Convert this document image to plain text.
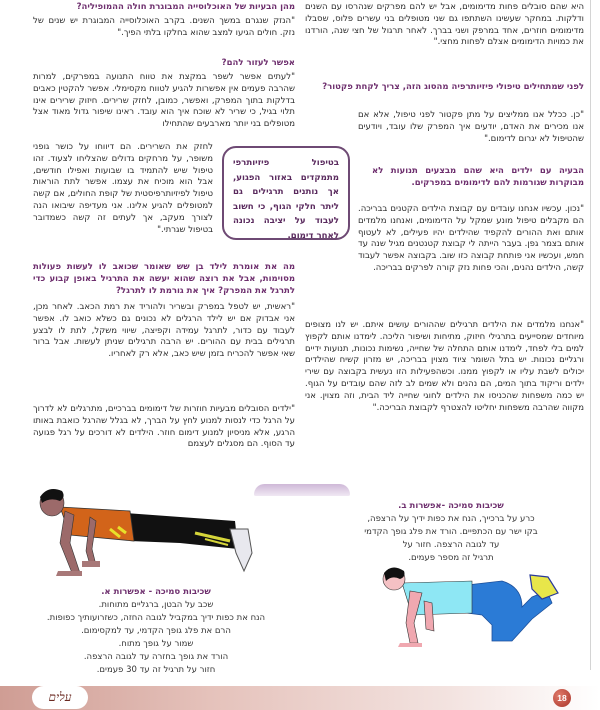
היא שהם סובלים פחות מדימומים, אבל יש להם מפרקים שנהרסו עם השנים ודלקות. במחקר שעשינו השתתפו גם שני מטופלים בני עשרים פלוס, שסבלו מדימומים חוזרים, אחד במרפק ושני בברך. לאחר תרגול של חצי שנה, הורדנו את כמויות הדימומים אצלם לפחות מחצי."

לפני שמתחילים טיפולי פיזיותרפיה מהסוג הזה, צריך לקחת פקטור?

"כן. ככלל אנו ממליצים על מתן פקטור לפני טיפול, אלא אם אנו מכירים את האדם, יודעים איך המפרק שלו עובד, ויודעים שהטיפול לא יגרום לדימום."

הבעיה עם ילדים היא שהם מבצעים תנועות לא מבוקרות שגורמות להם לדימומים במפרקים.

"נכון. עכשיו אנחנו עובדים עם קבוצת הילדים הקטנים בבריכה. הם מקבלים טיפול מונע שמקל על הדימומים, ואנחנו מלמדים אותם ואת ההורים להקפיד שהילדים יהיו פעילים, לא לעטוף אותם בצמר גפן. בעבר הייתה לי קבוצת קטנטנים מגיל שנה עד חמש, ועכשיו אני פותחת קבוצה כזו שוב. בקבוצה אפשר לעבוד קשה, הילדים נהנים, והכי פחות נזק קורה לפרקים בבריכה.

"אנחנו מלמדים את הילדים תרגילים שההורים עושים איתם. יש לנו מצופים מיוחדים שמסייעים בתרגילי חיזוק, מתיחות ושיפור הליכה. לימדנו אותם לקפוץ למים בלי לפחד, לימדנו אותם התחלה של שחייה, נשימות נכונות, תנועות ידיים ורגליים נכונות. יש בתל השומר ציוד מצוין בבריכה, יש מזרון קשיח שהילדים יכולים לשבת עליו או לקפוץ ממנו. וכשהפעילות הזו נעשית בקבוצה עם שירי ילדים וריקוד בתוך המים, הם נהנים ולא שמים לב לזה שהם עובדים על הגוף. יש כמה משפחות שהכניסו את הילדים לחוגי שחייה ליד הבית, וזה מצוין. אני מקווה שהרבה משפחות יחליטו להצטרף לקבוצת הבריכה."

מהן הבעיות של האוכלוסייה המבוגרת חולה ההמופיליה?

"הנזק שנגרם במשך השנים. בקרב האוכלוסייה המבוגרת יש שנים של נזק. חולים הגיעו למצב שהוא בחלקו בלתי הפיך."

אפשר לעזור להם?

"לעתים אפשר לשפר במקצת את טווח התנועה במפרקים, למרות שהרבה פעמים אין אפשרות להגיע לטווח מקסימלי. אפשר להקטין כאבים בדלקות בתוך המפרק, ואפשר, כמובן, לחזק שרירים. חיזוק שרירים אינו תלוי בגיל, כי שריר לא שוכח איך הוא עובד. ראינו שיפור גדול מאוד אצל מטופלים בני יותר מארבעים שהתחילו

לחזק את השרירים. הם דיווחו על כושר גופני משופר, על מרחקים גדולים שהצליחו לצעוד. זהו טיפול שיש להתמיד בו שבועות ואפילו חודשים, אבל הוא מוכיח את עצמו. אפשר לתת הוראות טיפול לפיזיותרפיסטית של קופת החולים, אם קשה למטופלים להגיע אלינו. אני מעדיפה שיבואו הנה לצורך מעקב, אך לעתים זה קשה כשמדובר בטיפול שגרתי."

מה את אומרת לילד בן שש שאומר שכואב לו לעשות פעולות מסוימות, אבל את רוצה שהוא יעשה את התרגיל באופן קבוע כדי לתרגל את המפרק? איך את גורמת לו לתרגל?

"ראשית, יש לטפל במפרק ובשריר ולהוריד את רמת הכאב. לאחר מכן, אני אבדוק אם יש לילד הרגלים לא נכונים גם כשלא כואב לו. אפשר לעבוד עם כדור, לתרגל עמידה וקפיצה, שיווי משקל, לתת לו לבצע תרגילים בבית עם ההורים. יש הרבה תרגילים שניתן לעשות. אבל ברור שאי אפשר להכריח בזמן שיש כאב, אלא רק לאחריו.

"ילדים הסובלים מבעיות חוזרות של דימומים בברכיים, מתרגלים לא לדרוך על הרגל כדי לנסות למנוע לחץ על הברך, לא בגלל שהרגל כואבת באותו הרגע, אלא מניסיון למנוע דימום חוזר. הילדים לא דורכים על רגל פגועה עד הסוף. הם מסגלים לעצמם

בטיפול פיזיותרפי מתמקדים באזור הפגוע, אך נותנים תרגילים גם ליתר חלקי הגוף, כי חשוב לעבוד על יציבה נכונה לאחר דימום.
שכיבות סמיכה - אפשרות א.
שכב על הבטן, ברגליים מתוחות.
הנח את כפות ידיך במקביל לגובה החזה, כשזרועותיך כפופות.
הרם את פלג גופך הקדמי, עד למקסימום.
שמור על גופך מתוח.
הורד את גופך בחזרה עד לגובה הרצפה.
חזור על תרגיל זה עד 30 פעמים.
שכיבות סמיכה -אפשרות ב.
כרע על ברכייך, הנח את כפות ידיך על הרצפה,
בקו ישר עם הכתפיים. הורד את פלג גופך הקדמי
עד לגובה הרצפה. חזור על
תרגיל זה מספר פעמים.
עלים	18
